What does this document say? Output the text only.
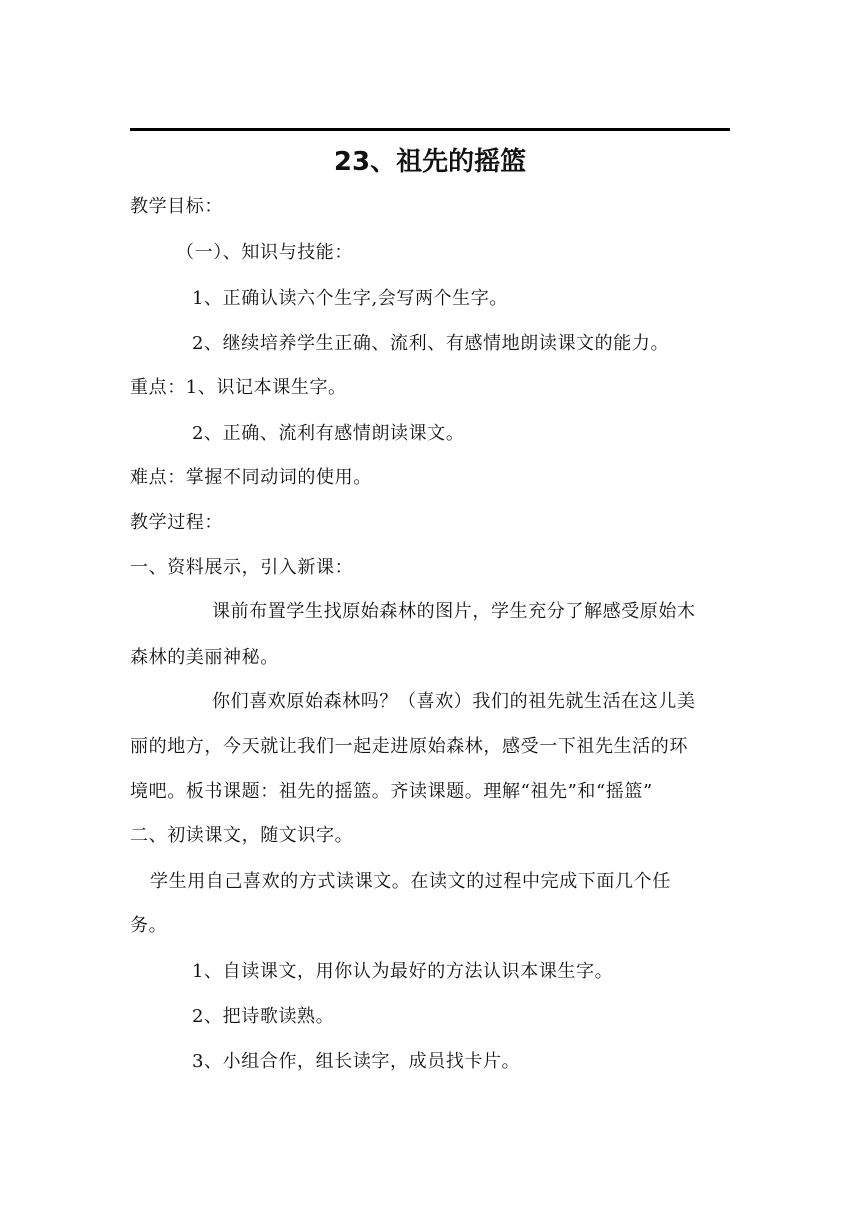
23、祖先的摇篮
教学目标：
（一）、知识与技能：
1、正确认读六个生字,会写两个生字。
2、继续培养学生正确、流利、有感情地朗读课文的能力。
重点：1、识记本课生字。
2、正确、流利有感情朗读课文。
难点：掌握不同动词的使用。
教学过程：
一、资料展示，引入新课：
课前布置学生找原始森林的图片，学生充分了解感受原始木
森林的美丽神秘。
你们喜欢原始森林吗？（喜欢）我们的祖先就生活在这儿美
丽的地方，今天就让我们一起走进原始森林，感受一下祖先生活的环
境吧。板书课题：祖先的摇篮。齐读课题。理解“祖先”和“摇篮”
二、初读课文，随文识字。
学生用自己喜欢的方式读课文。在读文的过程中完成下面几个任
务。
1、自读课文，用你认为最好的方法认识本课生字。
2、把诗歌读熟。
3、小组合作，组长读字，成员找卡片。
